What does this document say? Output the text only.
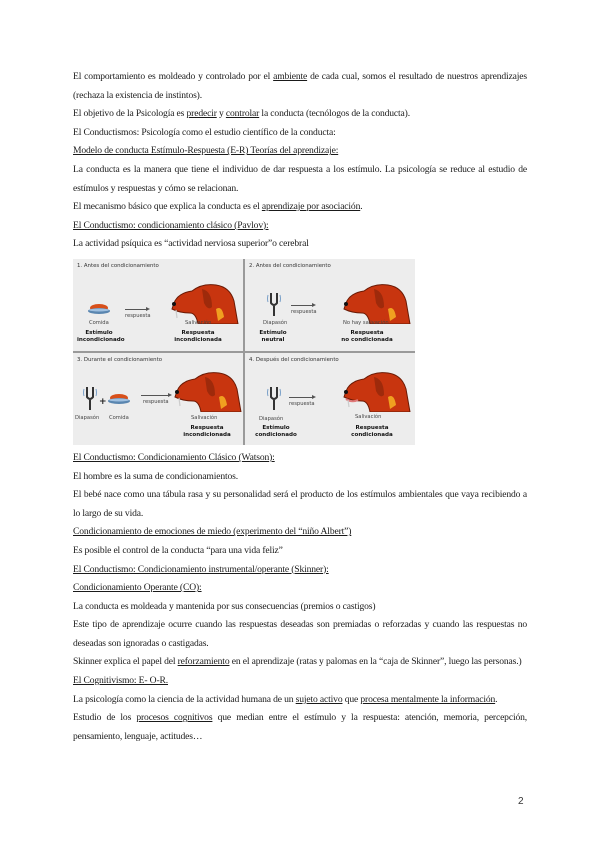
El comportamiento es moldeado y controlado por el ambiente de cada cual, somos el resultado de nuestros aprendizajes (rechaza la existencia de instintos).

El objetivo de la Psicología es predecir y controlar la conducta (tecnólogos de la conducta).

El Conductismos: Psicología como el estudio científico de la conducta:

Modelo de conducta Estímulo-Respuesta (E-R) Teorías del aprendizaje:

La conducta es la manera que tiene el individuo de dar respuesta a los estímulo. La psicología se reduce al estudio de estímulos y respuestas y cómo se relacionan.

El mecanismo básico que explica la conducta es el aprendizaje por asociación.

El Conductismo: condicionamiento clásico (Pavlov):

La actividad psíquica es “actividad nerviosa superior”o cerebral

1. Antes del condicionamiento
respuesta
Comida	Salivación
Estímulo
incondicionado
Respuesta
incondicionada
2. Antes del condicionamiento
respuesta
Diapasón	No hay salivación
Estímulo
neutral
Respuesta
no condicionada
3. Durante el condicionamiento
+	respuesta
Diapasón Comida	Salivación
Respuesta
incondicionada
4. Después del condicionamiento
respuesta
Diapasón	Salivación
Estímulo
condicionado
Respuesta
condicionada

El Conductismo: Condicionamiento Clásico (Watson):

El hombre es la suma de condicionamientos.

El bebé nace como una tábula rasa y su personalidad será el producto de los estímulos ambientales que vaya recibiendo a lo largo de su vida.

Condicionamiento de emociones de miedo (experimento del “niño Albert”)

Es posible el control de la conducta “para una vida feliz”

El Conductismo: Condicionamiento instrumental/operante (Skinner):

Condicionamiento Operante (CO):

La conducta es moldeada y mantenida por sus consecuencias (premios o castigos)

Este tipo de aprendizaje ocurre cuando las respuestas deseadas son premiadas o reforzadas y cuando las respuestas no deseadas son ignoradas o castigadas.

Skinner explica el papel del reforzamiento en el aprendizaje (ratas y palomas en la “caja de Skinner”, luego las personas.)

El Cognitivismo: E- O-R.

La psicología como la ciencia de la actividad humana de un sujeto activo que procesa mentalmente la información.

Estudio de los procesos cognitivos que median entre el estímulo y la respuesta: atención, memoria, percepción, pensamiento, lenguaje, actitudes…

2
